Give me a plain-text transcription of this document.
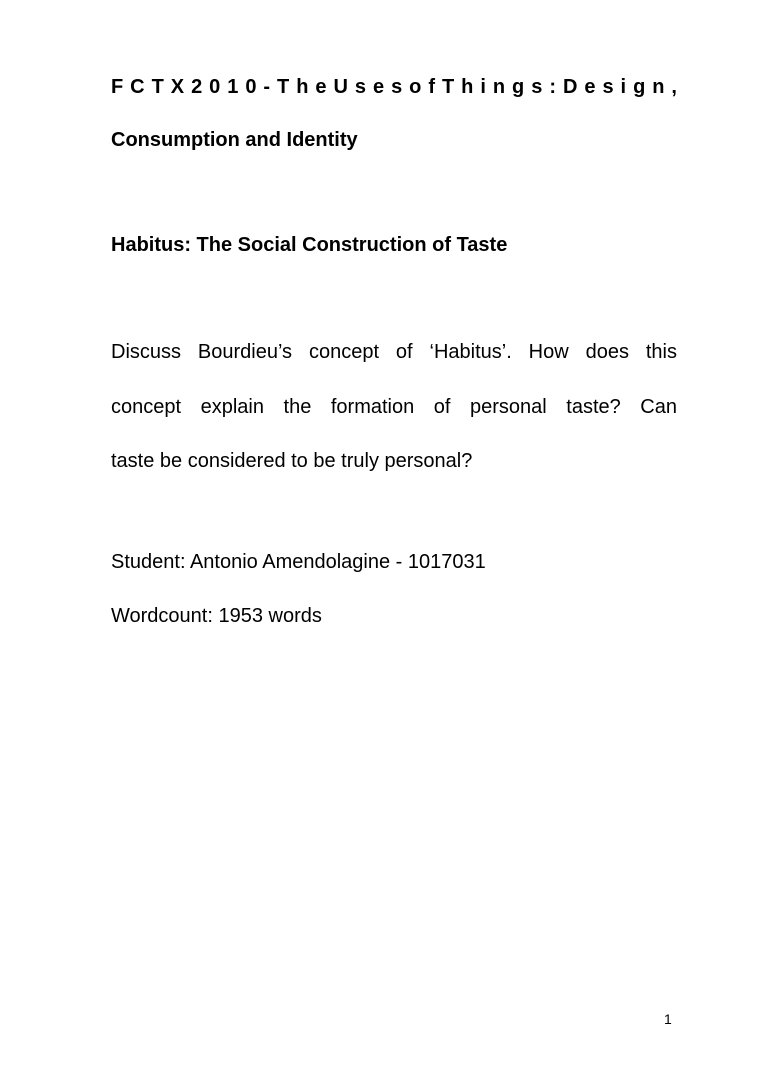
F C T X 2 0 1 0 - T h e U s e s o f T h i n g s : D e s i g n ,
Consumption and Identity
Habitus: The Social Construction of Taste
Discuss Bourdieu’s concept of ‘Habitus’. How does this
concept explain the formation of personal taste? Can
taste be considered to be truly personal?
Student: Antonio Amendolagine - 1017031
Wordcount: 1953 words
1
